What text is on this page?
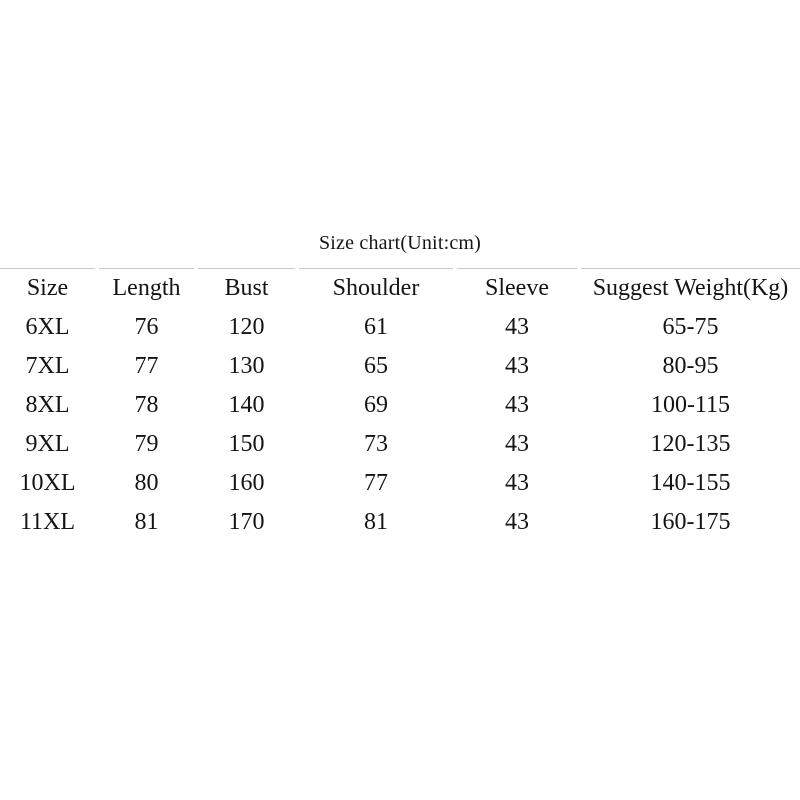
Size chart(Unit:cm)
Size	Length	Bust	Shoulder	Sleeve	Suggest Weight(Kg)
6XL	76	120	61	43	65-75
7XL	77	130	65	43	80-95
8XL	78	140	69	43	100-115
9XL	79	150	73	43	120-135
10XL	80	160	77	43	140-155
11XL	81	170	81	43	160-175
